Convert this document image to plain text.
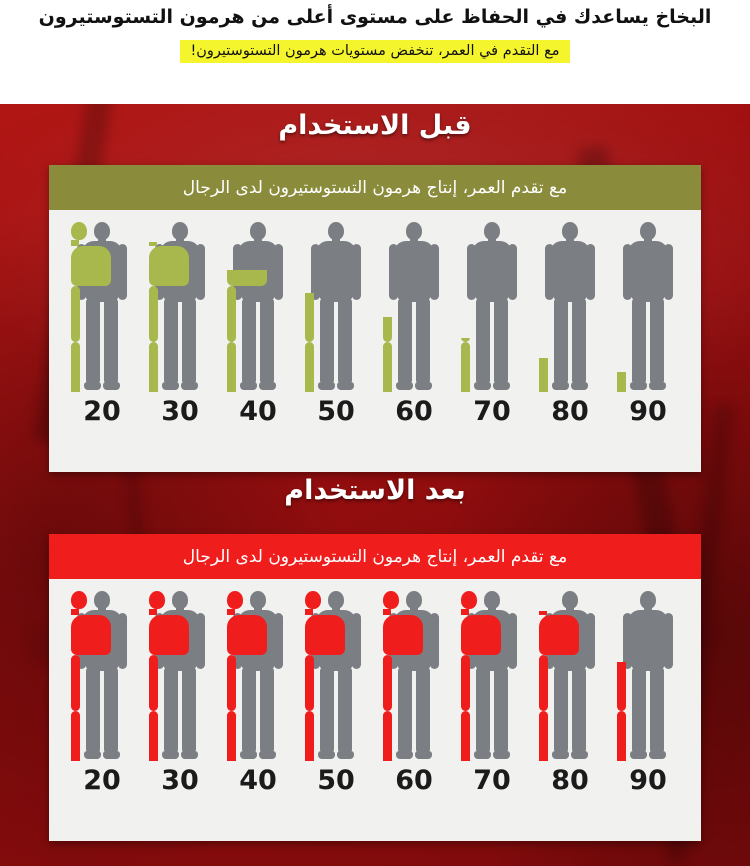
البخاخ يساعدك في الحفاظ على مستوى أعلى من هرمون التستوستيرون
مع التقدم في العمر، تنخفض مستويات هرمون التستوستيرون!
قبل الاستخدام
مع تقدم العمر، إنتاج هرمون التستوستيرون لدى الرجال
20	30	40	50	60	70	80	90
بعد الاستخدام
مع تقدم العمر، إنتاج هرمون التستوستيرون لدى الرجال
20	30	40	50	60	70	80	90
